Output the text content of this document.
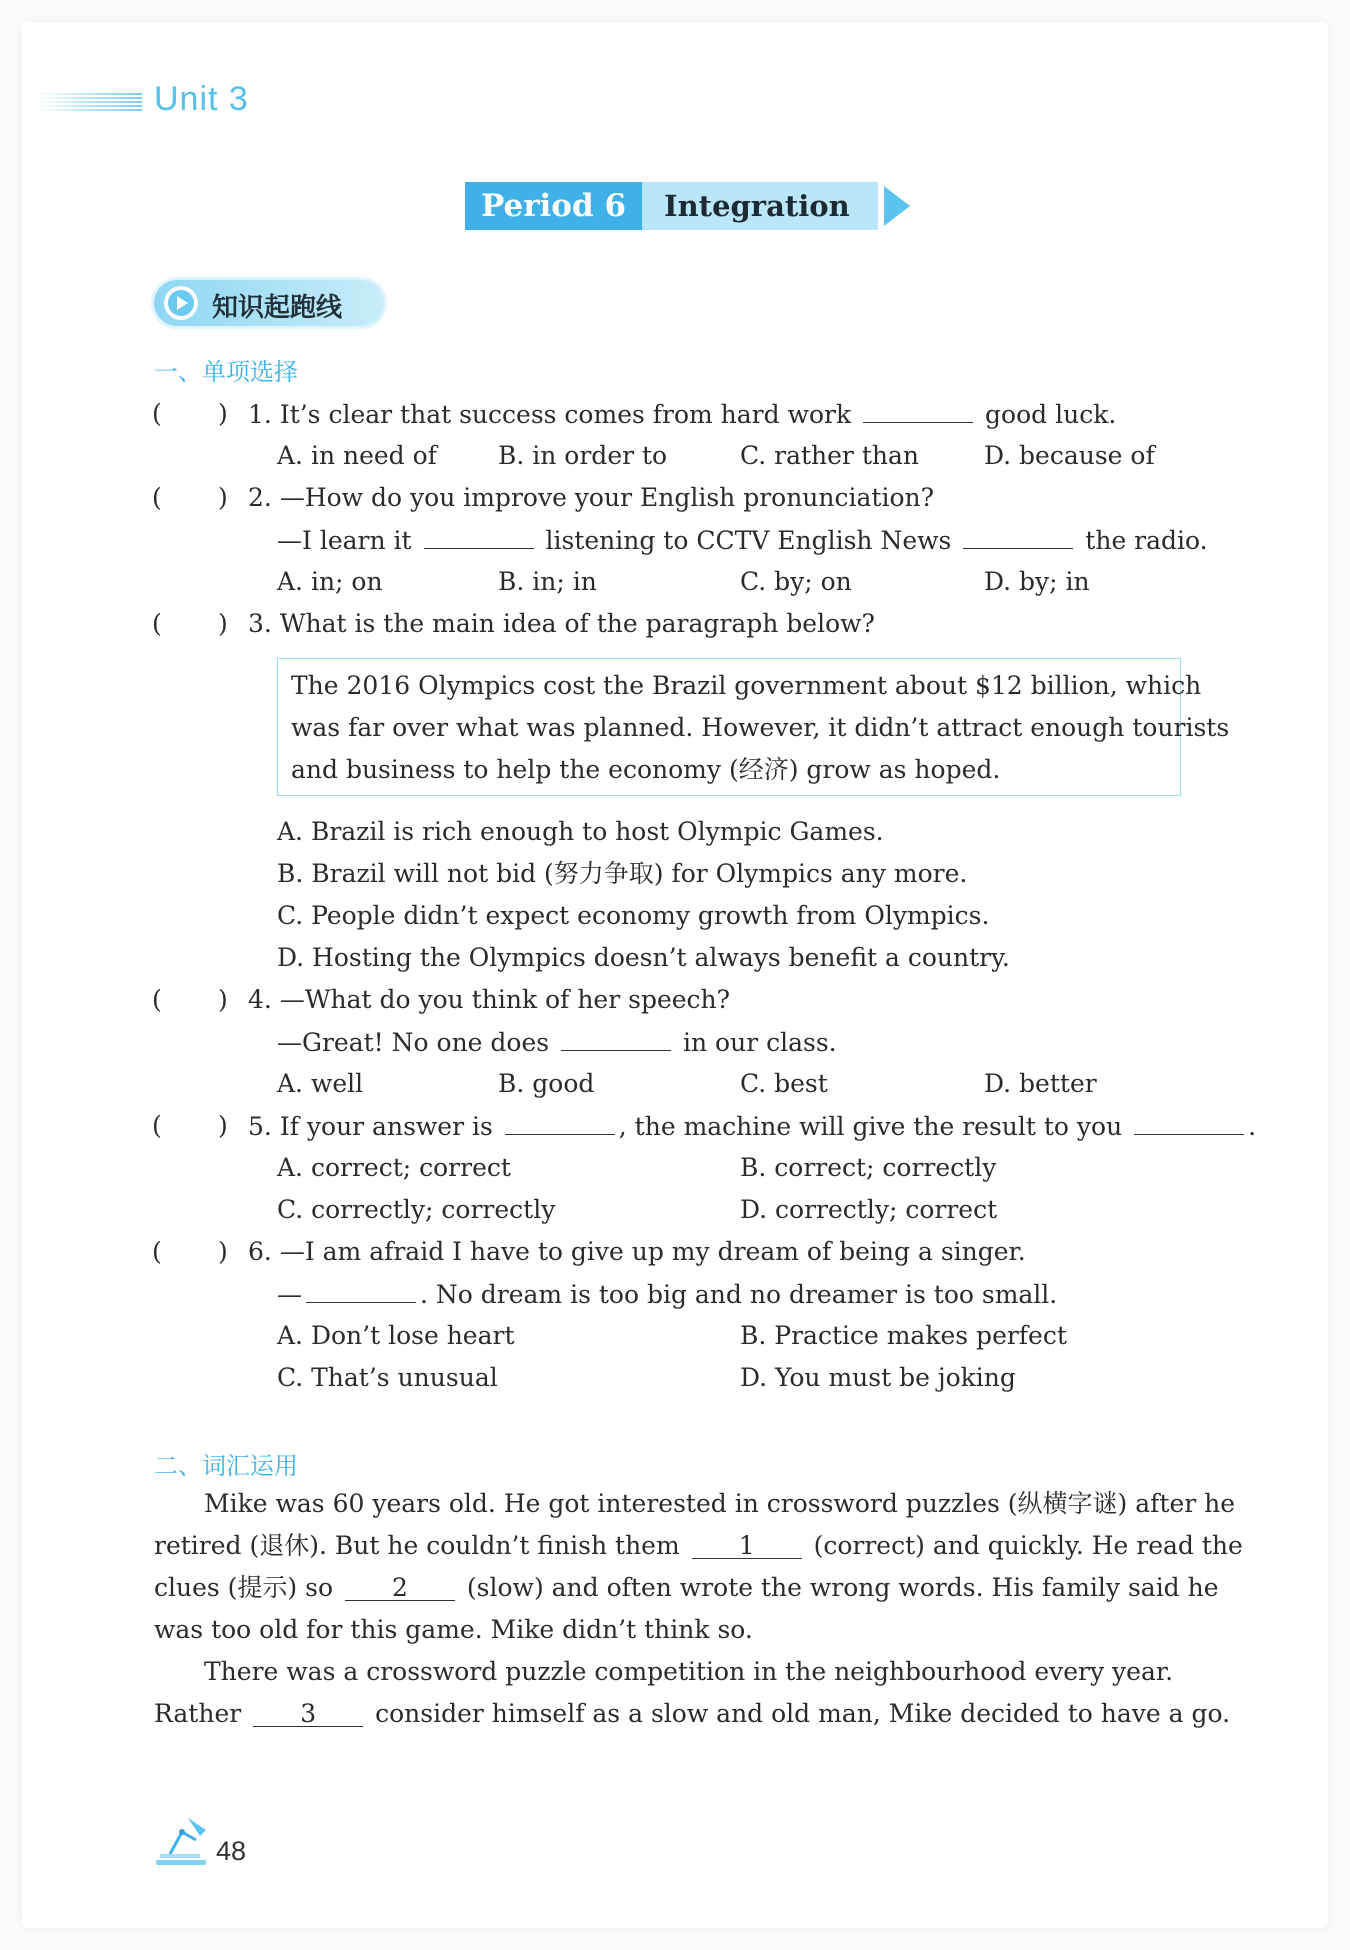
Unit 3
Period 6	Integration
知识起跑线
一、单项选择
( ) 1. It’s clear that success comes from hard work	good luck.
A. in need of B. in order to	C. rather than	D. because of
( ) 2. —How do you improve your English pronunciation?
—I learn it	listening to CCTV English News	the radio.
A. in; on	B. in; in	C. by; on	D. by; in
( ) 3. What is the main idea of the paragraph below?
The 2016 Olympics cost the Brazil government about $12 billion, which
was far over what was planned. However, it didn’t attract enough tourists
and business to help the economy (经济) grow as hoped.
A. Brazil is rich enough to host Olympic Games.
B. Brazil will not bid (努力争取) for Olympics any more.
C. People didn’t expect economy growth from Olympics.
D. Hosting the Olympics doesn’t always benefit a country.
( ) 4. —What do you think of her speech?
—Great! No one does	in our class.
A. well	B. good	C. best	D. better
( ) 5. If your answer is	, the machine will give the result to you	.
A. correct; correct	B. correct; correctly
C. correctly; correctly	D. correctly; correct
( ) 6. —I am afraid I have to give up my dream of being a singer.
—	. No dream is too big and no dreamer is too small.
A. Don’t lose heart	B. Practice makes perfect
C. That’s unusual	D. You must be joking
二、词汇运用
Mike was 60 years old. He got interested in crossword puzzles (纵横字谜) after he
retired (退休). But he couldn’t finish them 1 (correct) and quickly. He read the
clues (提示) so 2 (slow) and often wrote the wrong words. His family said he
was too old for this game. Mike didn’t think so.
There was a crossword puzzle competition in the neighbourhood every year.
Rather 3 consider himself as a slow and old man, Mike decided to have a go.
48
